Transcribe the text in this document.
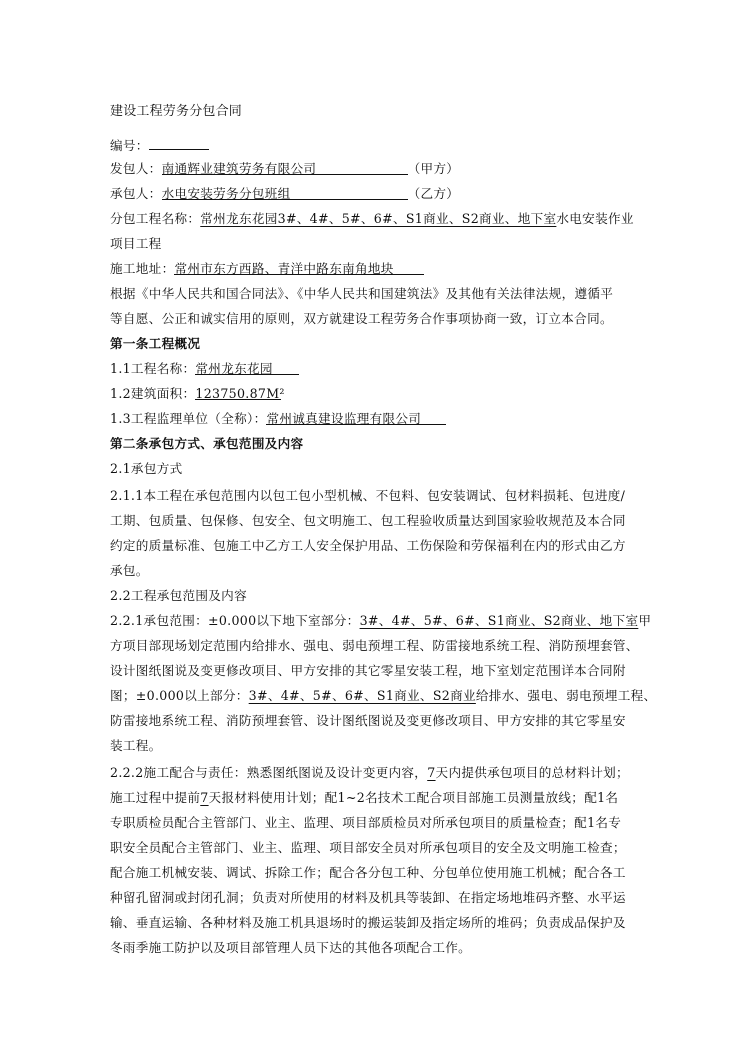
建设工程劳务分包合同
编号：
发包人：南通辉业建筑劳务有限公司	（甲方）
承包人：水电安装劳务分包班组	（乙方）
分包工程名称：常州龙东花园3#、4#、5#、6#、S1商业、S2商业、地下室水电安装作业
项目工程
施工地址：常州市东方西路、青洋中路东南角地块
根据《中华人民共和国合同法》、《中华人民共和国建筑法》及其他有关法律法规，遵循平
等自愿、公正和诚实信用的原则，双方就建设工程劳务合作事项协商一致，订立本合同。
第一条工程概况
1.1工程名称：常州龙东花园
1.2建筑面积：123750.87M²
1.3工程监理单位（全称）：常州诚真建设监理有限公司
第二条承包方式、承包范围及内容
2.1承包方式
2.1.1本工程在承包范围内以包工包小型机械、不包料、包安装调试、包材料损耗、包进度/
工期、包质量、包保修、包安全、包文明施工、包工程验收质量达到国家验收规范及本合同
约定的质量标准、包施工中乙方工人安全保护用品、工伤保险和劳保福利在内的形式由乙方
承包。
2.2工程承包范围及内容
2.2.1承包范围：±0.000以下地下室部分：3#、4#、5#、6#、S1商业、S2商业、地下室甲
方项目部现场划定范围内给排水、强电、弱电预埋工程、防雷接地系统工程、消防预埋套管、
设计图纸图说及变更修改项目、甲方安排的其它零星安装工程，地下室划定范围详本合同附
图；±0.000以上部分：3#、4#、5#、6#、S1商业、S2商业给排水、强电、弱电预埋工程、
防雷接地系统工程、消防预埋套管、设计图纸图说及变更修改项目、甲方安排的其它零星安
装工程。
2.2.2施工配合与责任：熟悉图纸图说及设计变更内容，7天内提供承包项目的总材料计划；
施工过程中提前7天报材料使用计划；配1~2名技术工配合项目部施工员测量放线；配1名
专职质检员配合主管部门、业主、监理、项目部质检员对所承包项目的质量检查；配1名专
职安全员配合主管部门、业主、监理、项目部安全员对所承包项目的安全及文明施工检查；
配合施工机械安装、调试、拆除工作；配合各分包工种、分包单位使用施工机械；配合各工
种留孔留洞或封闭孔洞；负责对所使用的材料及机具等装卸、在指定场地堆码齐整、水平运
输、垂直运输、各种材料及施工机具退场时的搬运装卸及指定场所的堆码；负责成品保护及
冬雨季施工防护以及项目部管理人员下达的其他各项配合工作。
